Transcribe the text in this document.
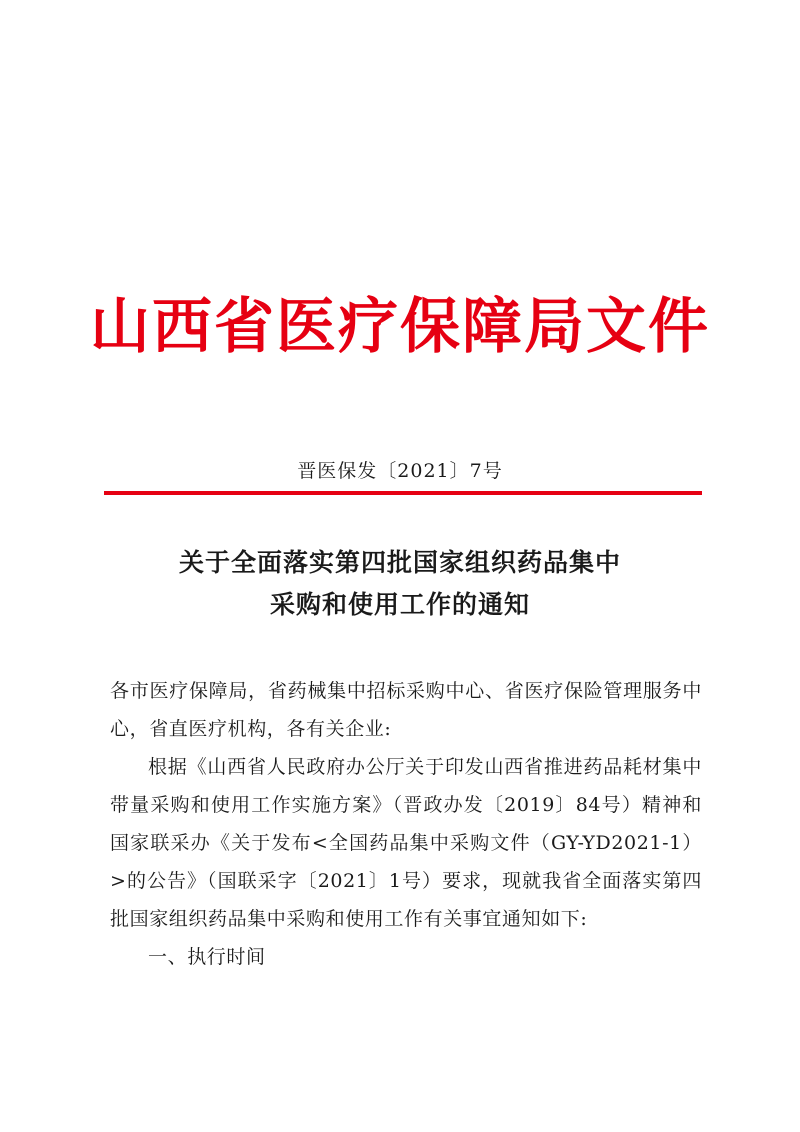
山西省医疗保障局文件
晋医保发〔2021〕7号
关于全面落实第四批国家组织药品集中
采购和使用工作的通知

各市医疗保障局，省药械集中招标采购中心、省医疗保险管理服务中心，省直医疗机构，各有关企业:

根据《山西省人民政府办公厅关于印发山西省推进药品耗材集中带量采购和使用工作实施方案》（晋政办发〔2019〕84号）精神和国家联采办《关于发布<全国药品集中采购文件（GY-YD2021-1）>的公告》（国联采字〔2021〕1号）要求，现就我省全面落实第四批国家组织药品集中采购和使用工作有关事宜通知如下:

一、执行时间
